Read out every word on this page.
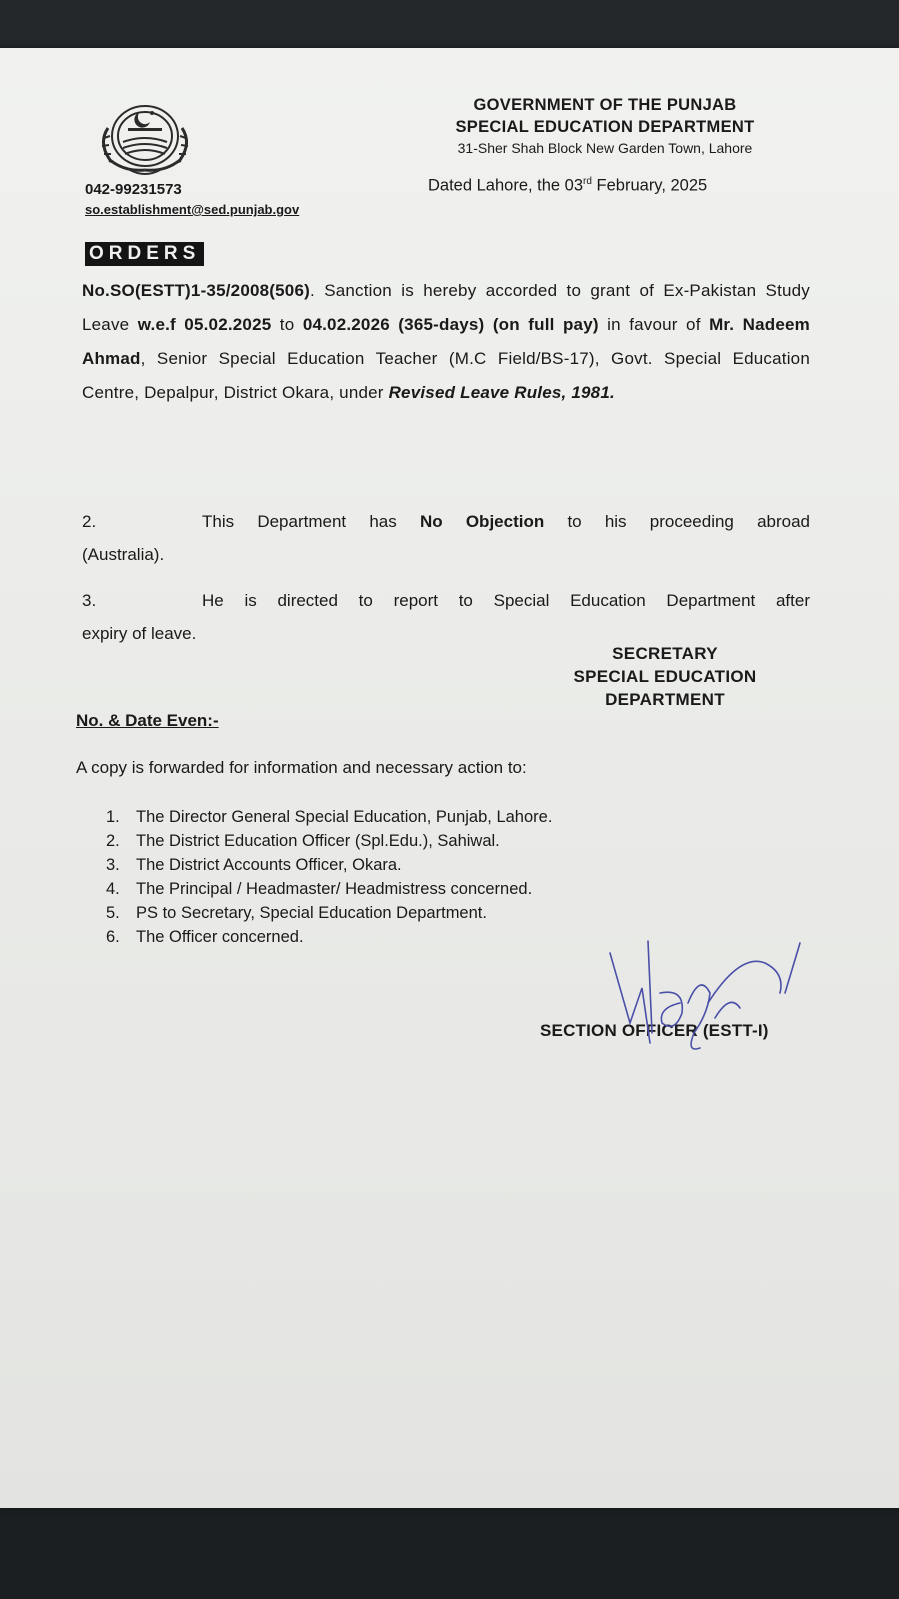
GOVERNMENT OF THE PUNJAB
SPECIAL EDUCATION DEPARTMENT
31-Sher Shah Block New Garden Town, Lahore
042-99231573
so.establishment@sed.punjab.gov
Dated Lahore, the 03rd February, 2025
ORDERS
No.SO(ESTT)1-35/2008(506). Sanction is hereby accorded to grant of Ex-Pakistan Study Leave w.e.f 05.02.2025 to 04.02.2026 (365-days) (on full pay) in favour of Mr. Nadeem Ahmad, Senior Special Education Teacher (M.C Field/BS-17), Govt. Special Education Centre, Depalpur, District Okara, under Revised Leave Rules, 1981.
2.	This Department has No Objection to his proceeding abroad
(Australia).
3.	He is directed to report to Special Education Department after
expiry of leave.
SECRETARY
SPECIAL EDUCATION
DEPARTMENT
No. & Date Even:-
A copy is forwarded for information and necessary action to:
1. The Director General Special Education, Punjab, Lahore.
2. The District Education Officer (Spl.Edu.), Sahiwal.
3. The District Accounts Officer, Okara.
4. The Principal / Headmaster/ Headmistress concerned.
5. PS to Secretary, Special Education Department.
6. The Officer concerned.
SECTION OFFICER (ESTT-I)
